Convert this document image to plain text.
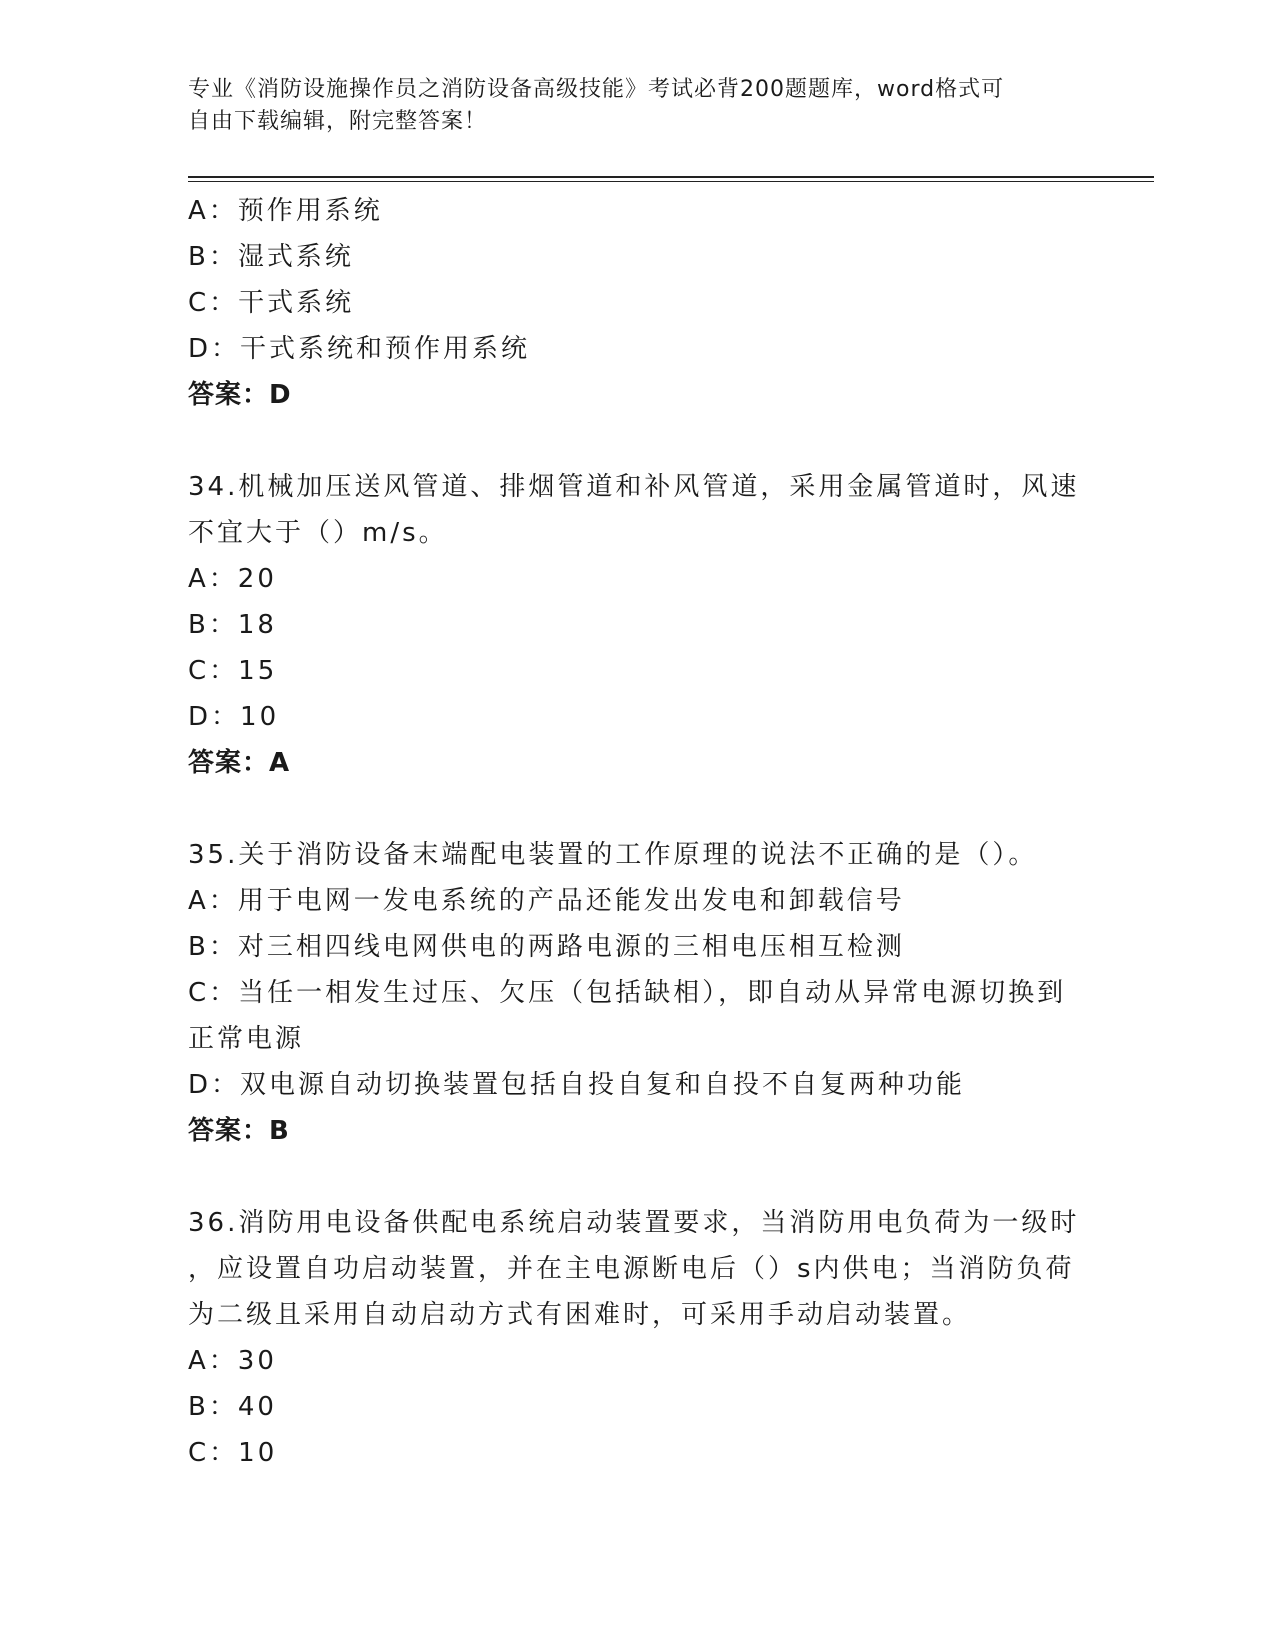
专业《消防设施操作员之消防设备高级技能》考试必背200题题库，word格式可
自由下载编辑，附完整答案！
A：预作用系统
B：湿式系统
C：干式系统
D：干式系统和预作用系统
答案：D
34.机械加压送风管道、排烟管道和补风管道，采用金属管道时，风速
不宜大于（）m/s。
A：20
B：18
C：15
D：10
答案：A
35.关于消防设备末端配电装置的工作原理的说法不正确的是（）。
A：用于电网一发电系统的产品还能发出发电和卸载信号
B：对三相四线电网供电的两路电源的三相电压相互检测
C：当任一相发生过压、欠压（包括缺相），即自动从异常电源切换到
正常电源
D：双电源自动切换装置包括自投自复和自投不自复两种功能
答案：B
36.消防用电设备供配电系统启动装置要求，当消防用电负荷为一级时
，应设置自功启动装置，并在主电源断电后（）s内供电；当消防负荷
为二级且采用自动启动方式有困难时，可采用手动启动装置。
A：30
B：40
C：10
